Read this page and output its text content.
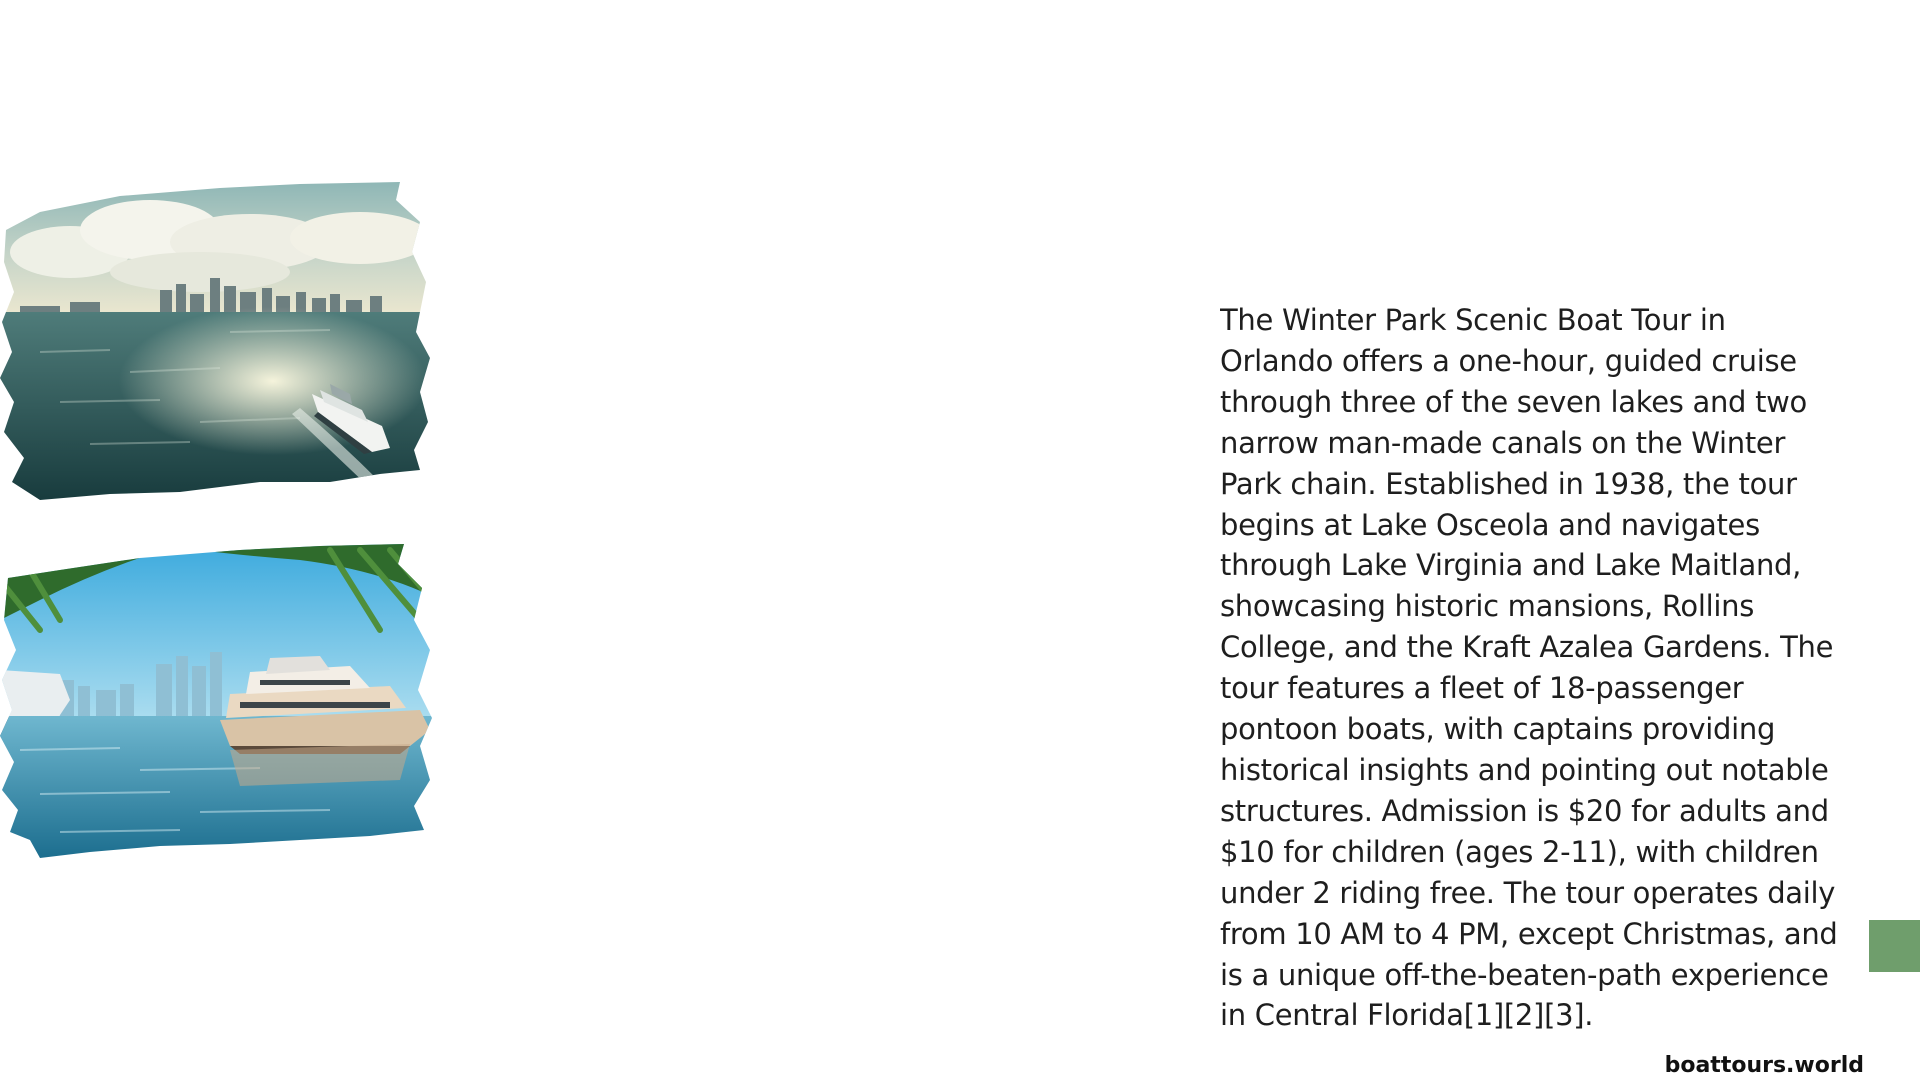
The Winter Park Scenic Boat Tour in Orlando offers a one-hour, guided cruise through three of the seven lakes and two narrow man-made canals on the Winter Park chain. Established in 1938, the tour begins at Lake Osceola and navigates through Lake Virginia and Lake Maitland, showcasing historic mansions, Rollins College, and the Kraft Azalea Gardens. The tour features a fleet of 18-passenger pontoon boats, with captains providing historical insights and pointing out notable structures. Admission is $20 for adults and $10 for children (ages 2-11), with children under 2 riding free. The tour operates daily from 10 AM to 4 PM, except Christmas, and is a unique off-the-beaten-path experience in Central Florida[1][2][3].

boattours.world
